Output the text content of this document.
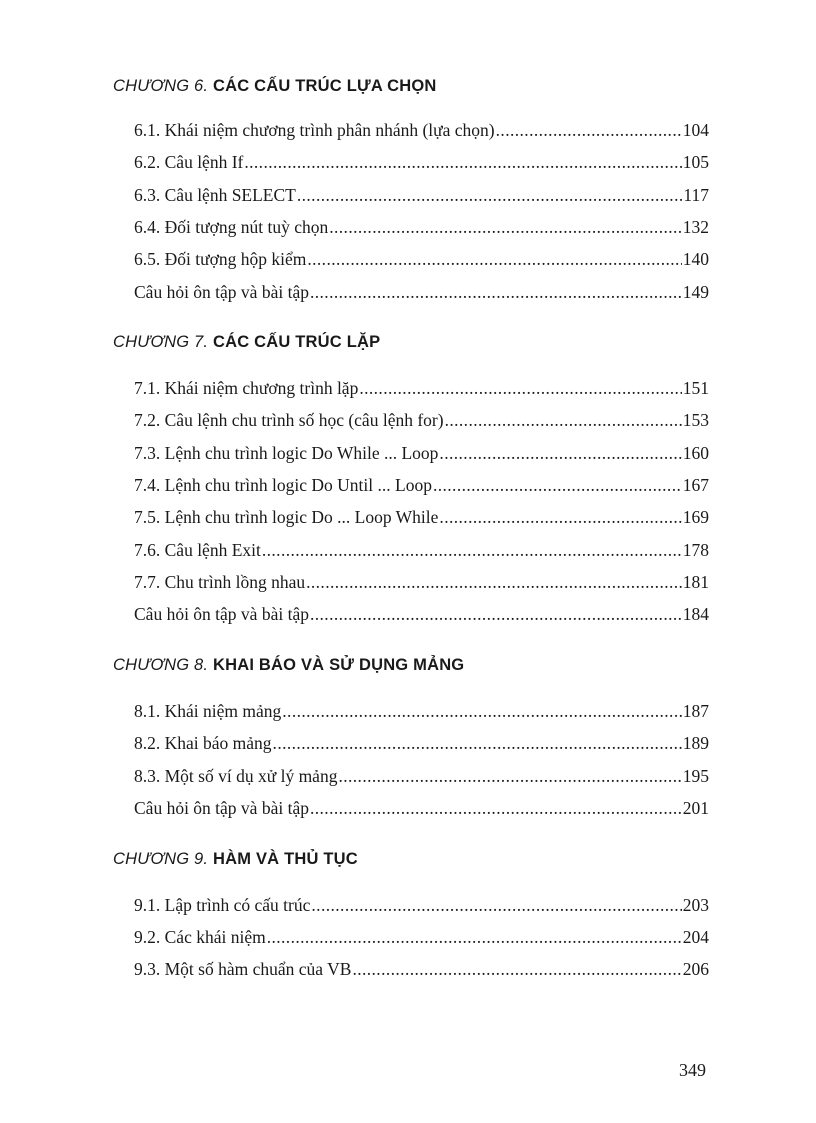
CHƯƠNG 6. CÁC CẤU TRÚC LỰA CHỌN
6.1. Khái niệm chương trình phân nhánh (lựa chọn) .....	104
6.2. Câu lệnh If .....	105
6.3. Câu lệnh SELECT .....	117
6.4. Đối tượng nút tuỳ chọn .....	132
6.5. Đối tượng hộp kiểm .....	140
Câu hỏi ôn tập và bài tập .....	149
CHƯƠNG 7. CÁC CẤU TRÚC LẶP
7.1. Khái niệm chương trình lặp .....	151
7.2. Câu lệnh chu trình số học (câu lệnh for) .....	153
7.3. Lệnh chu trình logic Do While ... Loop .....	160
7.4. Lệnh chu trình logic Do Until ... Loop .....	167
7.5. Lệnh chu trình logic Do ... Loop While .....	169
7.6. Câu lệnh Exit .....	178
7.7. Chu trình lồng nhau .....	181
Câu hỏi ôn tập và bài tập .....	184
CHƯƠNG 8. KHAI BÁO VÀ SỬ DỤNG MẢNG
8.1. Khái niệm mảng .....	187
8.2. Khai báo mảng .....	189
8.3. Một số ví dụ xử lý mảng .....	195
Câu hỏi ôn tập và bài tập .....	201
CHƯƠNG 9. HÀM VÀ THỦ TỤC
9.1. Lập trình có cấu trúc .....	203
9.2. Các khái niệm .....	204
9.3. Một số hàm chuẩn của VB .....	206
349
